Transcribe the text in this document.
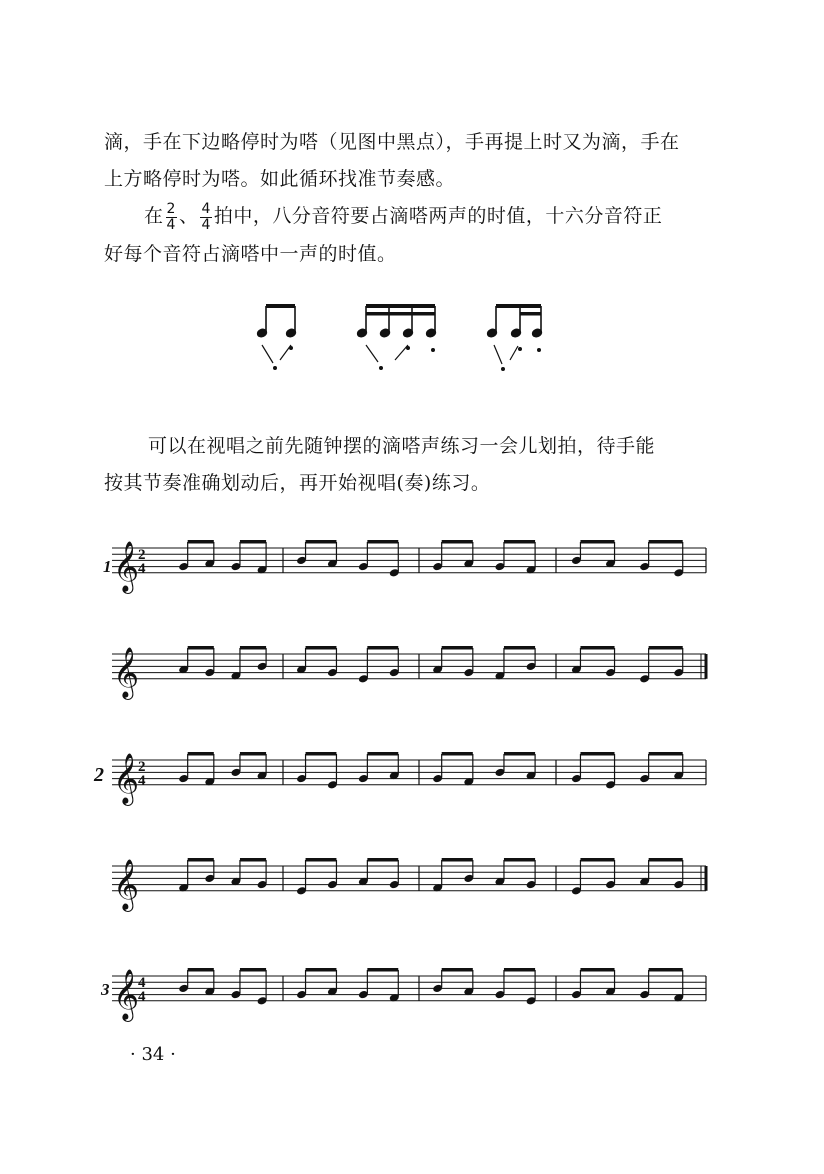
滴，手在下边略停时为嗒（见图中黑点），手再提上时又为滴，手在
上方略停时为嗒。如此循环找准节奏感。
在 $\frac{2}{4}$ 、 $\frac{4}{4}$ 拍中，八分音符要占滴嗒两声的时值，十六分音符正
好每个音符占滴嗒中一声的时值。
可以在视唱之前先随钟摆的滴嗒声练习一会儿划拍，待手能
按其节奏准确划动后，再开始视唱(奏)练习。
𝄞
𝄞
𝄞
𝄞
𝄞
1
2
3
2
4
2
4
4
4
· 34 ·
